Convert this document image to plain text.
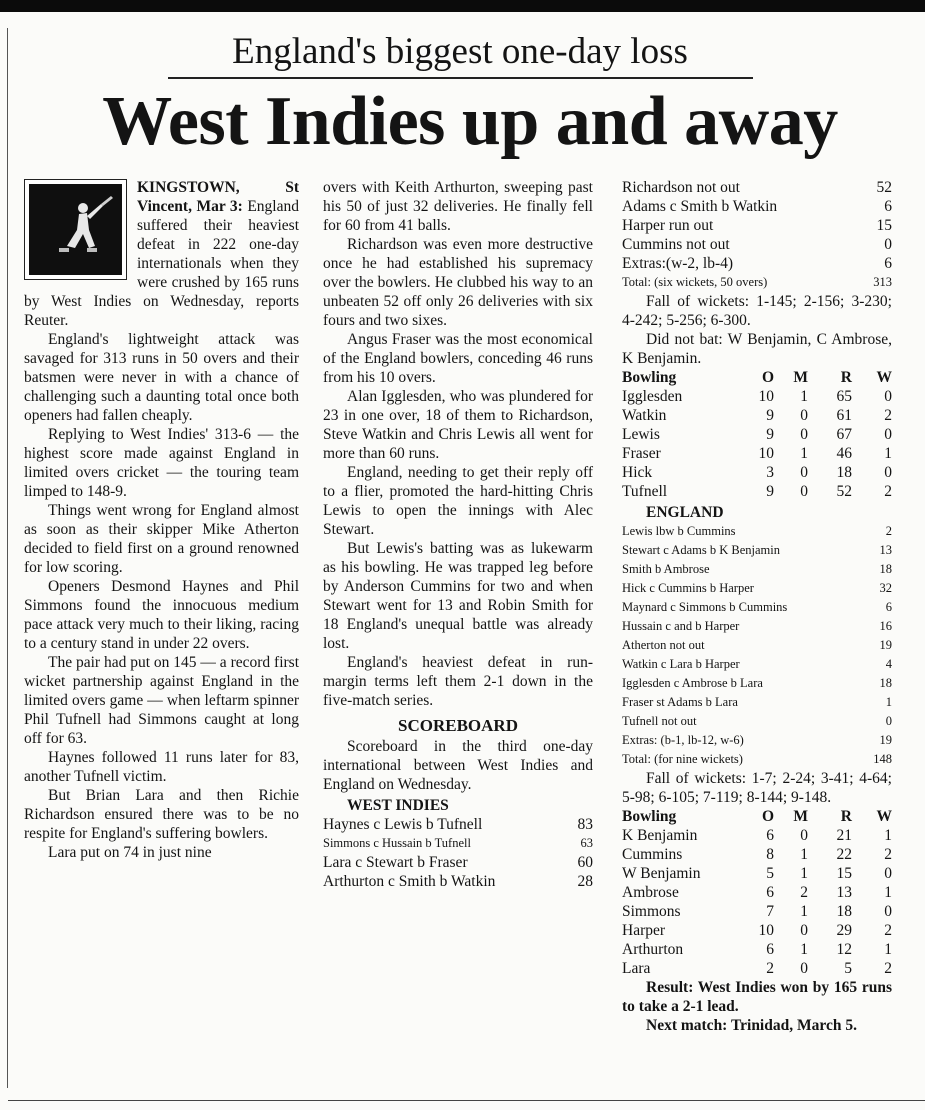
England's biggest one-day loss
West Indies up and away

KINGSTOWN, St Vincent, Mar 3: England suffered their heaviest defeat in 222 one-day internationals when they were crushed by 165 runs by West Indies on Wednesday, reports Reuter.

England's lightweight attack was savaged for 313 runs in 50 overs and their batsmen were never in with a chance of challenging such a daunting total once both openers had fallen cheaply.

Replying to West Indies' 313-6 — the highest score made against England in limited overs cricket — the touring team limped to 148-9.

Things went wrong for England almost as soon as their skipper Mike Atherton decided to field first on a ground renowned for low scoring.

Openers Desmond Haynes and Phil Simmons found the innocuous medium pace attack very much to their liking, racing to a century stand in under 22 overs.

The pair had put on 145 — a record first wicket partnership against England in the limited overs game — when leftarm spinner Phil Tufnell had Simmons caught at long off for 63.

Haynes followed 11 runs later for 83, another Tufnell victim.

But Brian Lara and then Richie Richardson ensured there was to be no respite for England's suffering bowlers.

Lara put on 74 in just nine

overs with Keith Arthurton, sweeping past his 50 of just 32 deliveries. He finally fell for 60 from 41 balls.

Richardson was even more destructive once he had established his supremacy over the bowlers. He clubbed his way to an unbeaten 52 off only 26 deliveries with six fours and two sixes.

Angus Fraser was the most economical of the England bowlers, conceding 46 runs from his 10 overs.

Alan Igglesden, who was plundered for 23 in one over, 18 of them to Richardson, Steve Watkin and Chris Lewis all went for more than 60 runs.

England, needing to get their reply off to a flier, promoted the hard-hitting Chris Lewis to open the innings with Alec Stewart.

But Lewis's batting was as lukewarm as his bowling. He was trapped leg before by Anderson Cummins for two and when Stewart went for 13 and Robin Smith for 18 England's unequal battle was already lost.

England's heaviest defeat in run-margin terms left them 2-1 down in the five-match series.

SCOREBOARD

Scoreboard in the third one-day international between West Indies and England on Wednesday.

WEST INDIES
Haynes c Lewis b Tufnell	83
Simmons c Hussain b Tufnell	63
Lara c Stewart b Fraser	60
Arthurton c Smith b Watkin	28
Richardson not out	52
Adams c Smith b Watkin	6
Harper run out	15
Cummins not out	0
Extras:(w-2, lb-4)	6
Total: (six wickets, 50 overs)	313

Fall of wickets: 1-145; 2-156; 3-230; 4-242; 5-256; 6-300.

Did not bat: W Benjamin, C Ambrose, K Benjamin.

Bowling	O	M	R	W
Igglesden	10	1	65	0
Watkin	9	0	61	2
Lewis	9	0	67	0
Fraser	10	1	46	1
Hick	3	0	18	0
Tufnell	9	0	52	2
ENGLAND
Lewis lbw b Cummins	2
Stewart c Adams b K Benjamin	13
Smith b Ambrose	18
Hick c Cummins b Harper	32
Maynard c Simmons b Cummins	6
Hussain c and b Harper	16
Atherton not out	19
Watkin c Lara b Harper	4
Igglesden c Ambrose b Lara	18
Fraser st Adams b Lara	1
Tufnell not out	0
Extras: (b-1, lb-12, w-6)	19
Total: (for nine wickets)	148

Fall of wickets: 1-7; 2-24; 3-41; 4-64; 5-98; 6-105; 7-119; 8-144; 9-148.

Bowling	O	M	R	W
K Benjamin	6	0	21	1
Cummins	8	1	22	2
W Benjamin	5	1	15	0
Ambrose	6	2	13	1
Simmons	7	1	18	0
Harper	10	0	29	2
Arthurton	6	1	12	1
Lara	2	0	5	2

Result: West Indies won by 165 runs to take a 2-1 lead.

Next match: Trinidad, March 5.
